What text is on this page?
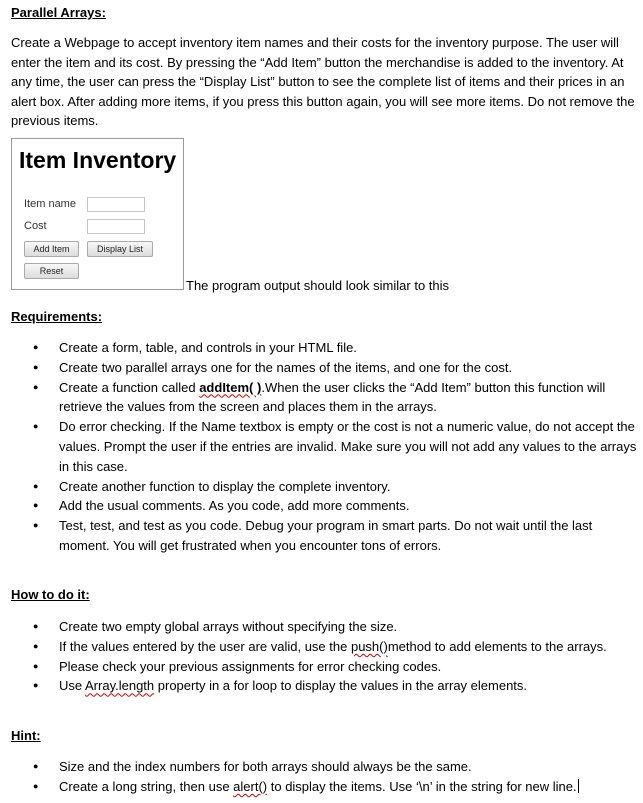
Parallel Arrays:
Create a Webpage to accept inventory item names and their costs for the inventory purpose. The user will enter the item and its cost. By pressing the “Add Item” button the merchandise is added to the inventory. At any time, the user can press the “Display List” button to see the complete list of items and their prices in an alert box. After adding more items, if you press this button again, you will see more items. Do not remove the previous items.
Item Inventory
Item name
Cost
Add Item	Display List
Reset
The program output should look similar to this
Requirements:
● Create a form, table, and controls in your HTML file.
● Create two parallel arrays one for the names of the items, and one for the cost.
● Create a function called addItem( ).When the user clicks the “Add Item” button this function will retrieve the values from the screen and places them in the arrays.
● Do error checking. If the Name textbox is empty or the cost is not a numeric value, do not accept the values. Prompt the user if the entries are invalid. Make sure you will not add any values to the arrays in this case.
● Create another function to display the complete inventory.
● Add the usual comments. As you code, add more comments.
● Test, test, and test as you code. Debug your program in smart parts. Do not wait until the last moment. You will get frustrated when you encounter tons of errors.
How to do it:
● Create two empty global arrays without specifying the size.
● If the values entered by the user are valid, use the push()method to add elements to the arrays.
● Please check your previous assignments for error checking codes.
● Use Array.length property in a for loop to display the values in the array elements.
Hint:
● Size and the index numbers for both arrays should always be the same.
● Create a long string, then use alert() to display the items. Use ‘\n’ in the string for new line.
